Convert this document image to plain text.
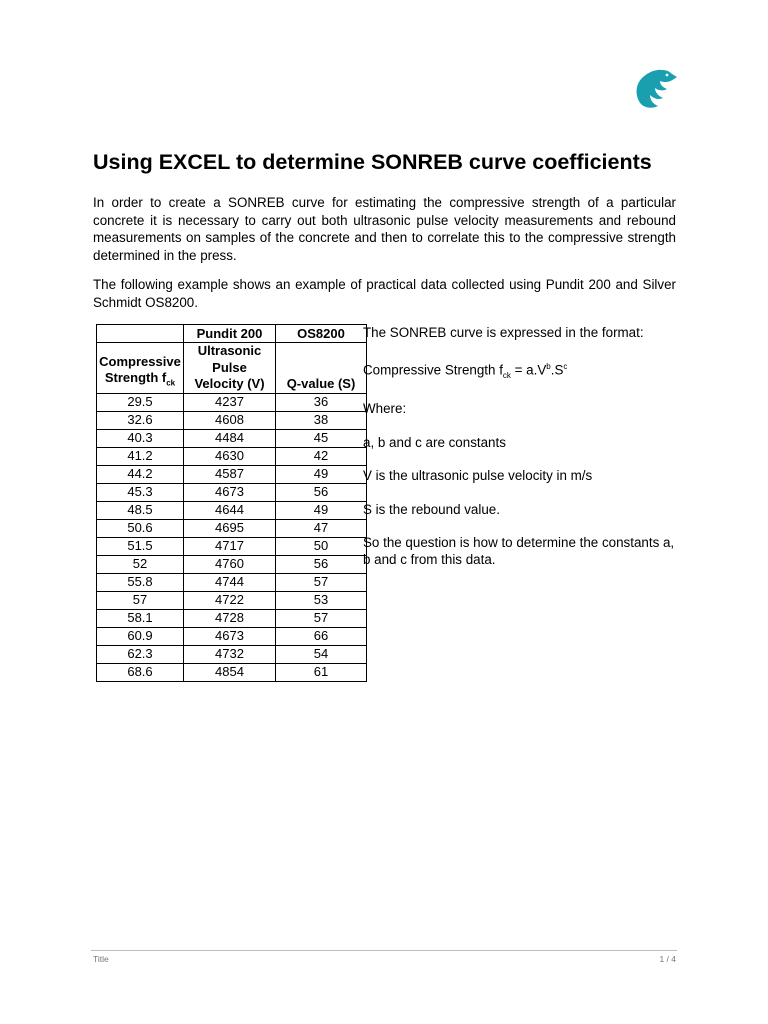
Using EXCEL to determine SONREB curve coefficients

In order to create a SONREB curve for estimating the compressive strength of a particular concrete it is necessary to carry out both ultrasonic pulse velocity measurements and rebound measurements on samples of the concrete and then to correlate this to the compressive strength determined in the press.

The following example shows an example of practical data collected using Pundit 200 and Silver Schmidt OS8200.

	Pundit 200	OS8200
Compressive Strength $f_{ck}$	Ultrasonic Pulse Velocity (V)	Q-value (S)
29.5	4237	36
32.6	4608	38
40.3	4484	45
41.2	4630	42
44.2	4587	49
45.3	4673	56
48.5	4644	49
50.6	4695	47
51.5	4717	50
52	4760	56
55.8	4744	57
57	4722	53
58.1	4728	57
60.9	4673	66
62.3	4732	54
68.6	4854	61

The SONREB curve is expressed in the format:

Compressive Strength $f_{ck} = a.V^b.S^c$

Where:

a, b and c are constants

V is the ultrasonic pulse velocity in m/s

S is the rebound value.

So the question is how to determine the constants a, b and c from this data.

Title	1 / 4
